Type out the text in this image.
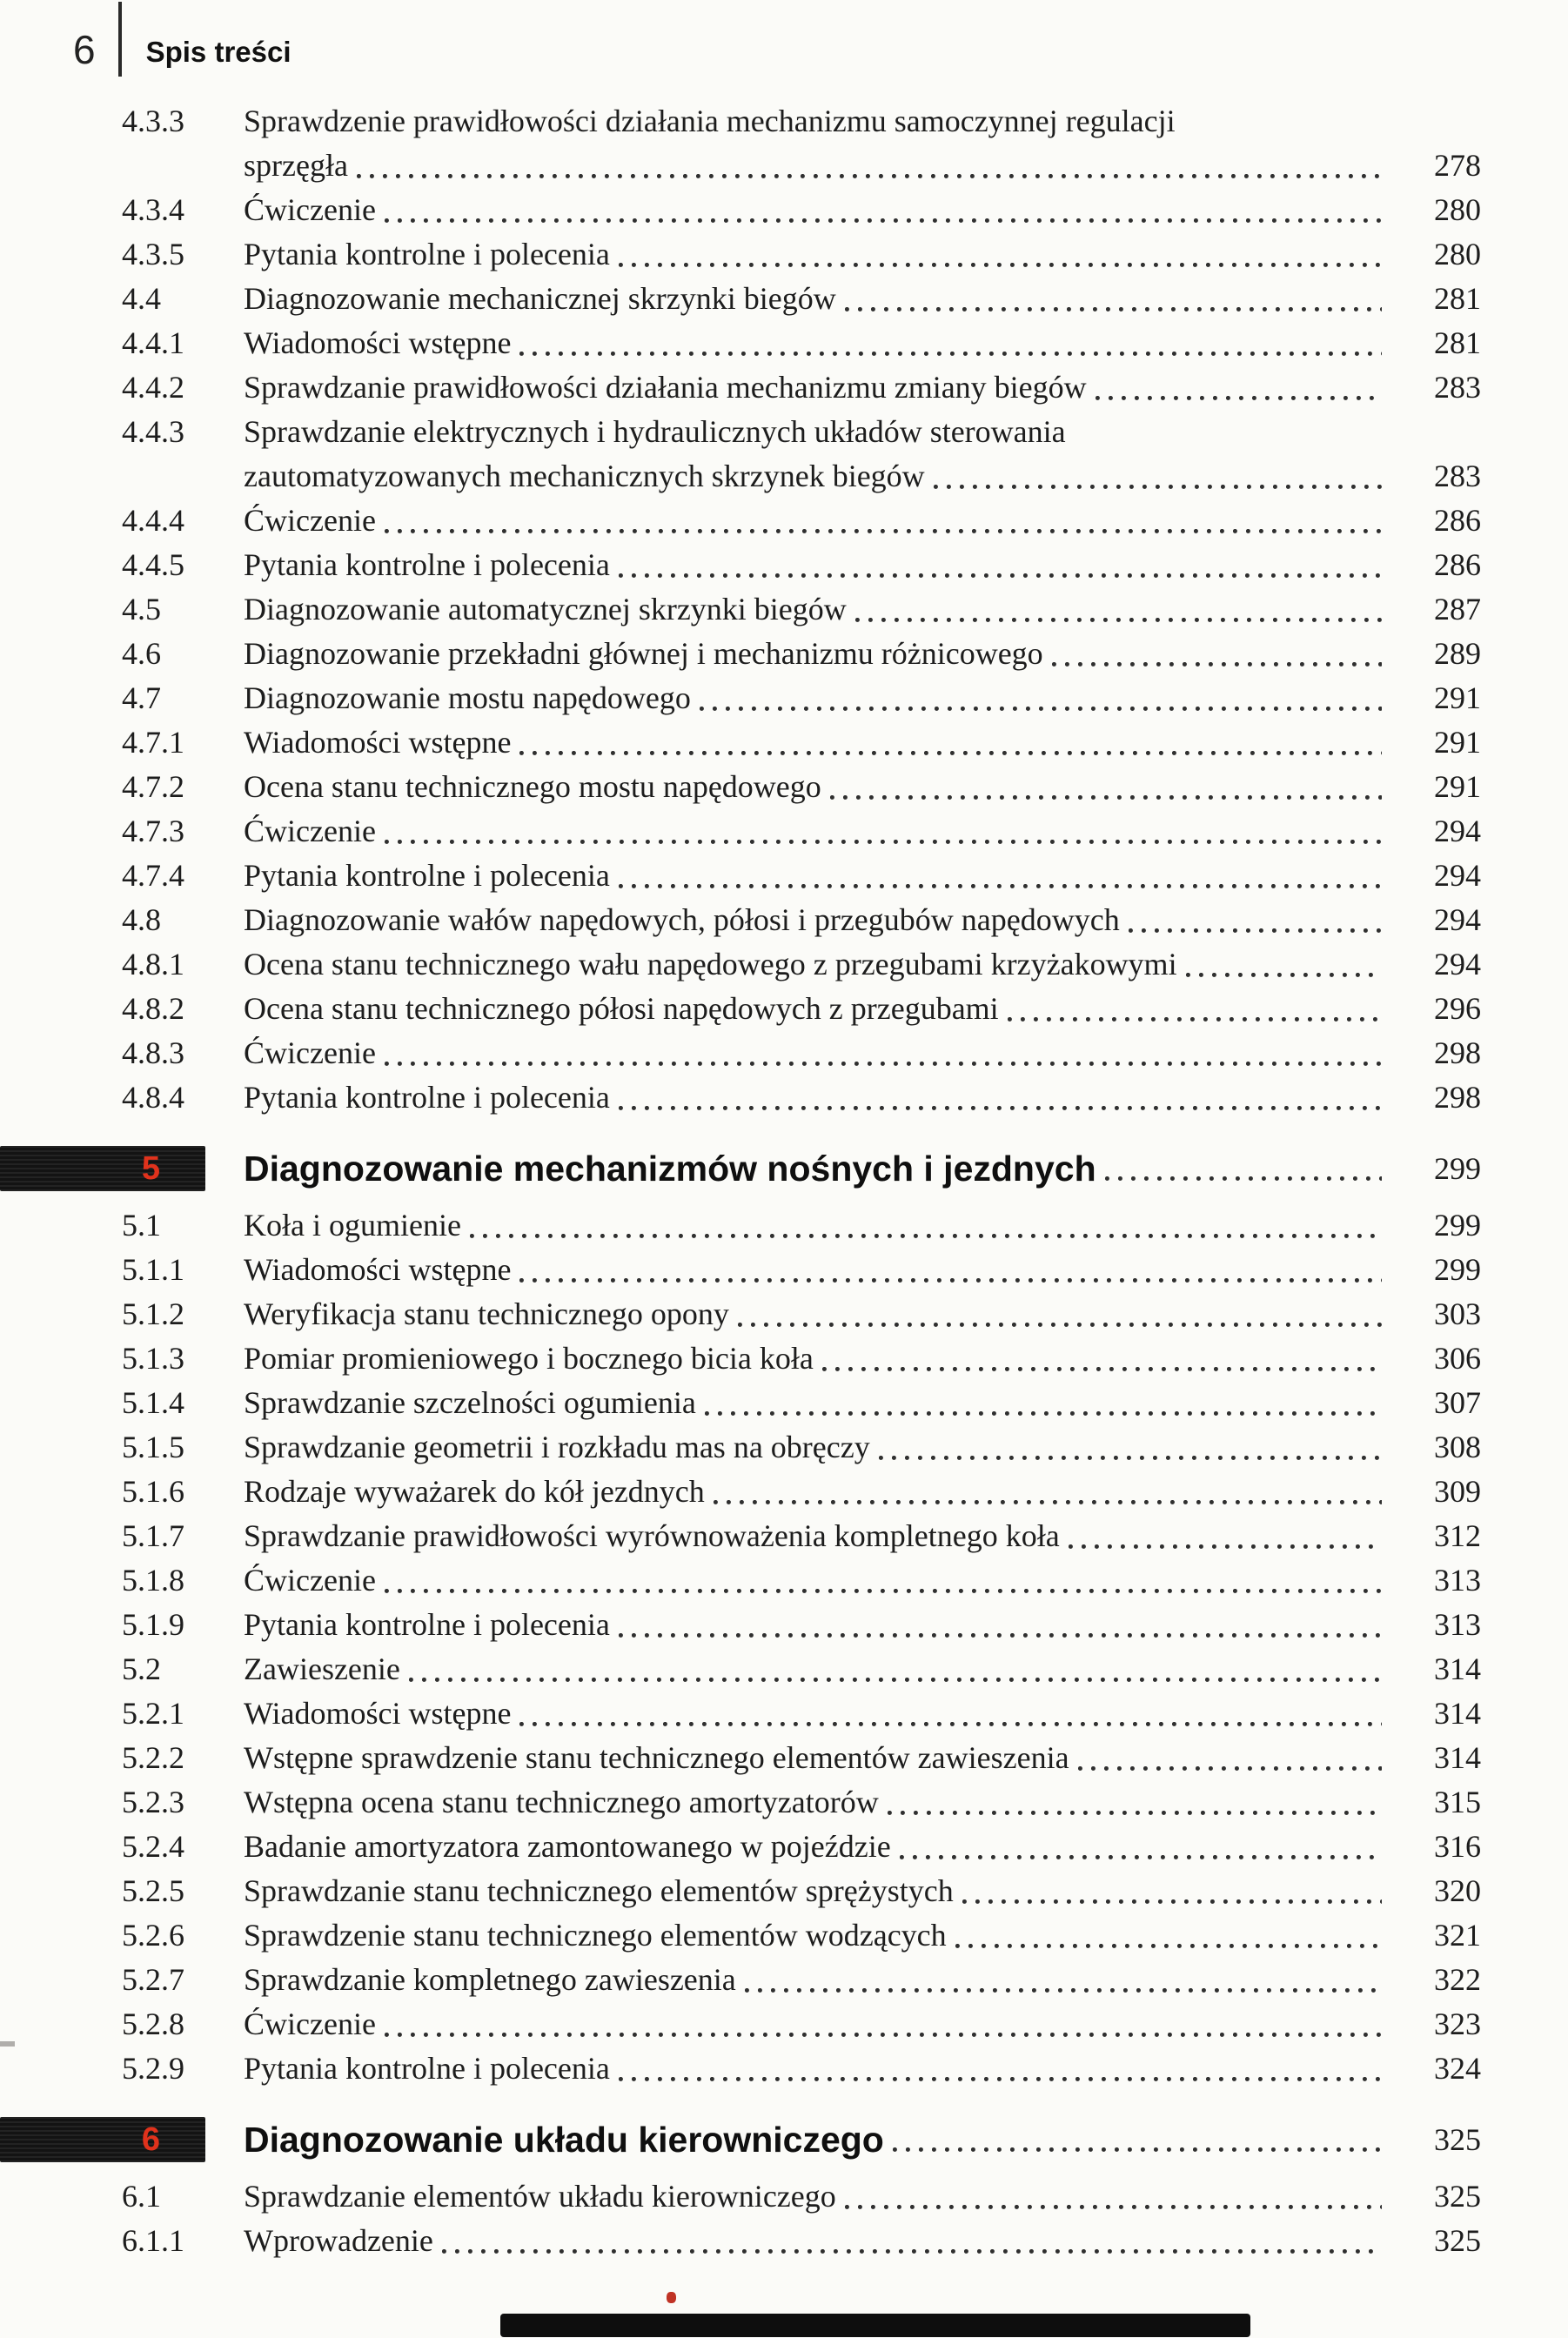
6 Spis treści
4.3.3	Sprawdzenie prawidłowości działania mechanizmu samoczynnej regulacji
sprzęgła	278
4.3.4	Ćwiczenie	280
4.3.5	Pytania kontrolne i polecenia	280
4.4	Diagnozowanie mechanicznej skrzynki biegów	281
4.4.1	Wiadomości wstępne	281
4.4.2	Sprawdzanie prawidłowości działania mechanizmu zmiany biegów	283
4.4.3	Sprawdzanie elektrycznych i hydraulicznych układów sterowania
zautomatyzowanych mechanicznych skrzynek biegów	283
4.4.4	Ćwiczenie	286
4.4.5	Pytania kontrolne i polecenia	286
4.5	Diagnozowanie automatycznej skrzynki biegów	287
4.6	Diagnozowanie przekładni głównej i mechanizmu różnicowego	289
4.7	Diagnozowanie mostu napędowego	291
4.7.1	Wiadomości wstępne	291
4.7.2	Ocena stanu technicznego mostu napędowego	291
4.7.3	Ćwiczenie	294
4.7.4	Pytania kontrolne i polecenia	294
4.8	Diagnozowanie wałów napędowych, półosi i przegubów napędowych	294
4.8.1	Ocena stanu technicznego wału napędowego z przegubami krzyżakowymi	294
4.8.2	Ocena stanu technicznego półosi napędowych z przegubami	296
4.8.3	Ćwiczenie	298
4.8.4	Pytania kontrolne i polecenia	298
5 Diagnozowanie mechanizmów nośnych i jezdnych	299
5.1	Koła i ogumienie	299
5.1.1	Wiadomości wstępne	299
5.1.2	Weryfikacja stanu technicznego opony	303
5.1.3	Pomiar promieniowego i bocznego bicia koła	306
5.1.4	Sprawdzanie szczelności ogumienia	307
5.1.5	Sprawdzanie geometrii i rozkładu mas na obręczy	308
5.1.6	Rodzaje wyważarek do kół jezdnych	309
5.1.7	Sprawdzanie prawidłowości wyrównoważenia kompletnego koła	312
5.1.8	Ćwiczenie	313
5.1.9	Pytania kontrolne i polecenia	313
5.2	Zawieszenie	314
5.2.1	Wiadomości wstępne	314
5.2.2	Wstępne sprawdzenie stanu technicznego elementów zawieszenia	314
5.2.3	Wstępna ocena stanu technicznego amortyzatorów	315
5.2.4	Badanie amortyzatora zamontowanego w pojeździe	316
5.2.5	Sprawdzanie stanu technicznego elementów sprężystych	320
5.2.6	Sprawdzenie stanu technicznego elementów wodzących	321
5.2.7	Sprawdzanie kompletnego zawieszenia	322
5.2.8	Ćwiczenie	323
5.2.9	Pytania kontrolne i polecenia	324
6 Diagnozowanie układu kierowniczego	325
6.1	Sprawdzanie elementów układu kierowniczego	325
6.1.1	Wprowadzenie	325
